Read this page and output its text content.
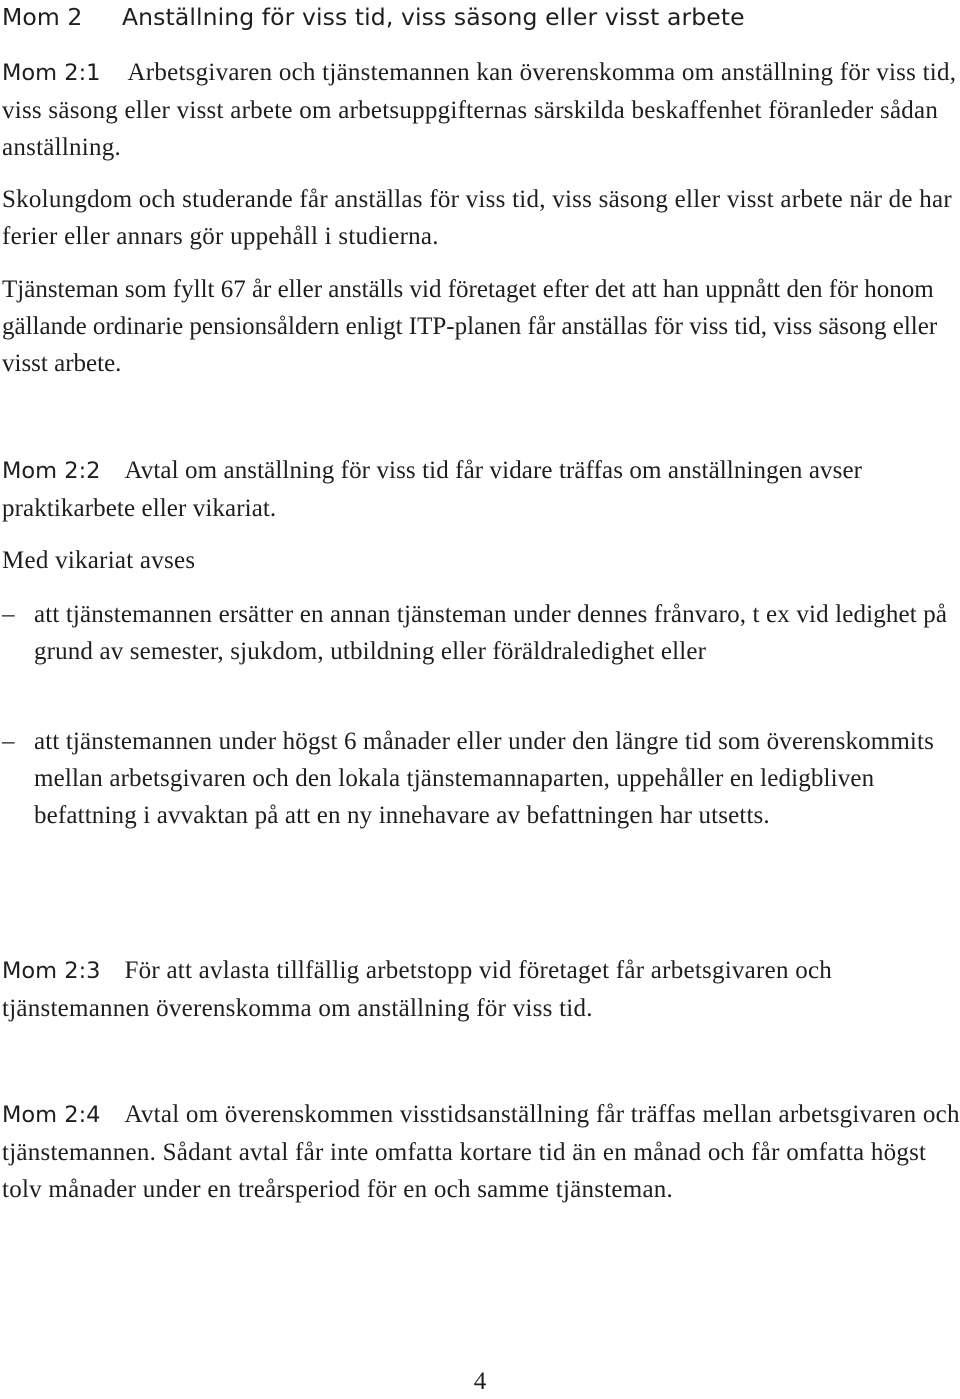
Mom 2 Anställning för viss tid, viss säsong eller visst arbete
Mom 2:1 Arbetsgivaren och tjänstemannen kan överenskomma om anställning för viss tid, viss säsong eller visst arbete om arbetsuppgifternas särskilda beskaffenhet föranleder sådan anställning.
Skolungdom och studerande får anställas för viss tid, viss säsong eller visst arbete när de har ferier eller annars gör uppehåll i studierna.
Tjänsteman som fyllt 67 år eller anställs vid företaget efter det att han uppnått den för honom gällande ordinarie pensionsåldern enligt ITP-planen får anställas för viss tid, viss säsong eller visst arbete.
Mom 2:2 Avtal om anställning för viss tid får vidare träffas om anställningen avser praktikarbete eller vikariat.
Med vikariat avses
– att tjänstemannen ersätter en annan tjänsteman under dennes frånvaro, t ex vid ledighet på grund av semester, sjukdom, utbildning eller föräldraledighet eller
– att tjänstemannen under högst 6 månader eller under den längre tid som överenskommits mellan arbetsgivaren och den lokala tjänstemannaparten, uppehåller en ledigbliven befattning i avvaktan på att en ny innehavare av befattningen har utsetts.
Mom 2:3 För att avlasta tillfällig arbetstopp vid företaget får arbetsgivaren och tjänstemannen överenskomma om anställning för viss tid.
Mom 2:4 Avtal om överenskommen visstidsanställning får träffas mellan arbetsgivaren och tjänstemannen. Sådant avtal får inte omfatta kortare tid än en månad och får omfatta högst tolv månader under en treårsperiod för en och samme tjänsteman.
4
